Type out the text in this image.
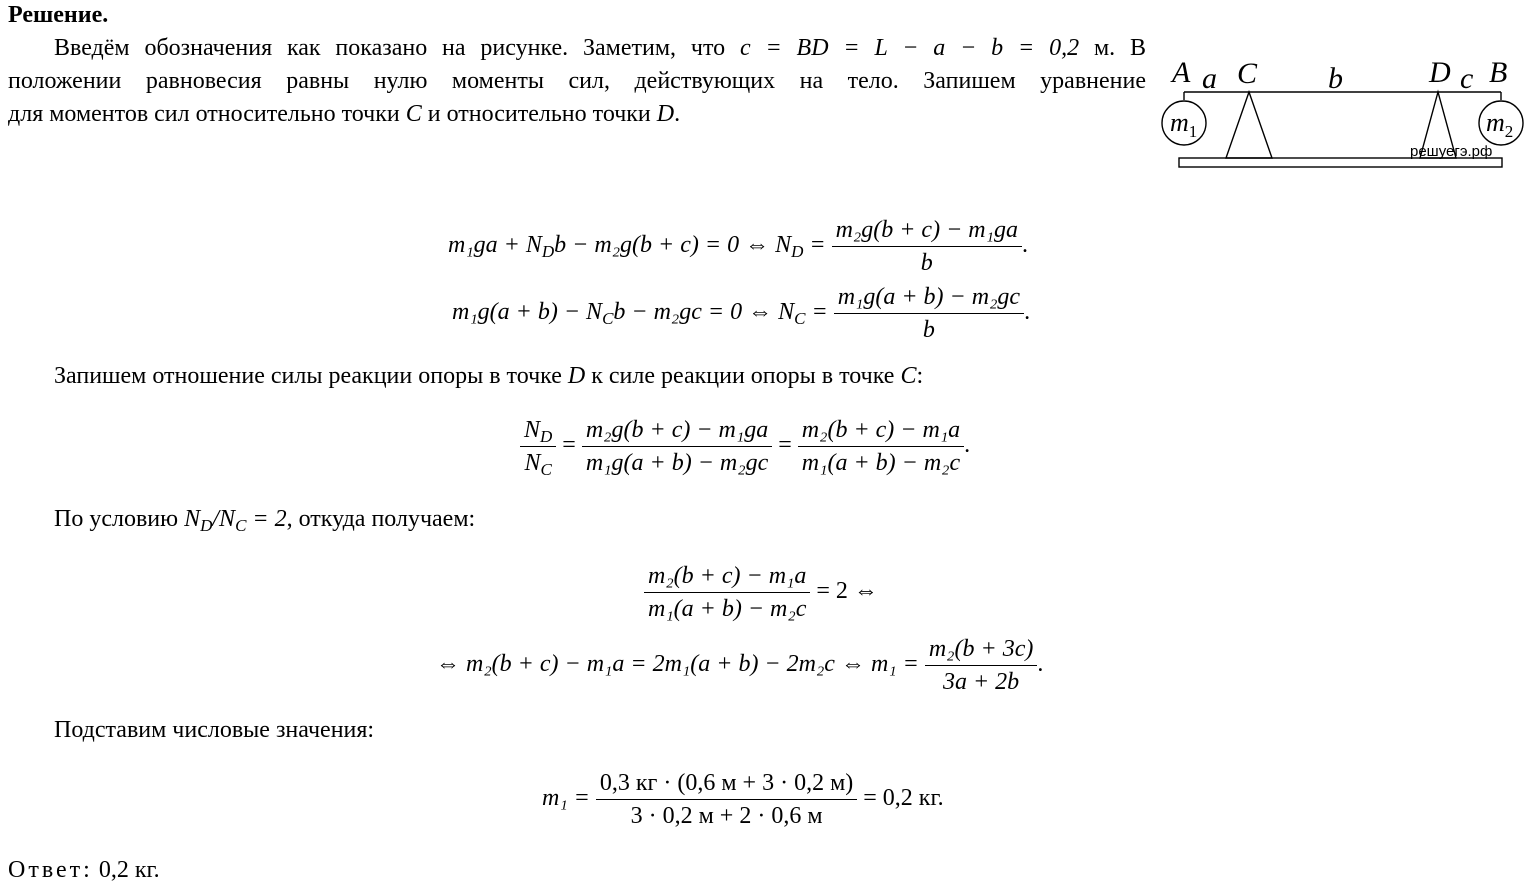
Решение.
Введём обозначения как показано на рисунке. Заметим, что c = BD = L − a − b = 0,2 м. В
положении равновесия равны нулю моменты сил, действующих на тело. Запишем уравнение
для моментов сил относительно точки C и относительно точки D.
A a C b	D c B
$m_1$	$m_2$
решуегэ.рф
$m_1ga + N_Db - m_2g(b + c) = 0$ ⇔ $N_D = \frac{\text{m₂g(b + c) − m₁ga}}{b}$ .
$m_1g(a + b) - N_Cb - m_2gc = 0$ ⇔ $N_C = \frac{\text{m₁g(a + b) − m₂gc}}{b}$ .
Запишем отношение силы реакции опоры в точке D к силе реакции опоры в точке C:
$\frac{N_D}{N_C} = \frac{\text{m₂g(b + c) − m₁ga}}{\text{m₁g(a + b) − m₂gc}} = \frac{\text{m₂(b + c) − m₁a}}{\text{m₁(a + b) − m₂c}}$ .
По условию $N_D/N_C = 2$, откуда получаем:
$\frac{\text{m₂(b + c) − m₁a}}{\text{m₁(a + b) − m₂c}} = 2$ ⇔
⇔ m₂(b + c) − m₁a = 2m₁(a + b) − 2m₂c ⇔ $m_1 = \frac{\text{m₂(b + 3c)}}{3a + 2b}$ .
Подставим числовые значения:
$m_1 = \frac{0,3 кг \cdot (0,6 м + 3 \cdot 0,2 м)}{3 \cdot 0,2 м + 2 \cdot 0,6 м} = 0,2$ кг.
Ответ: 0,2 кг.
